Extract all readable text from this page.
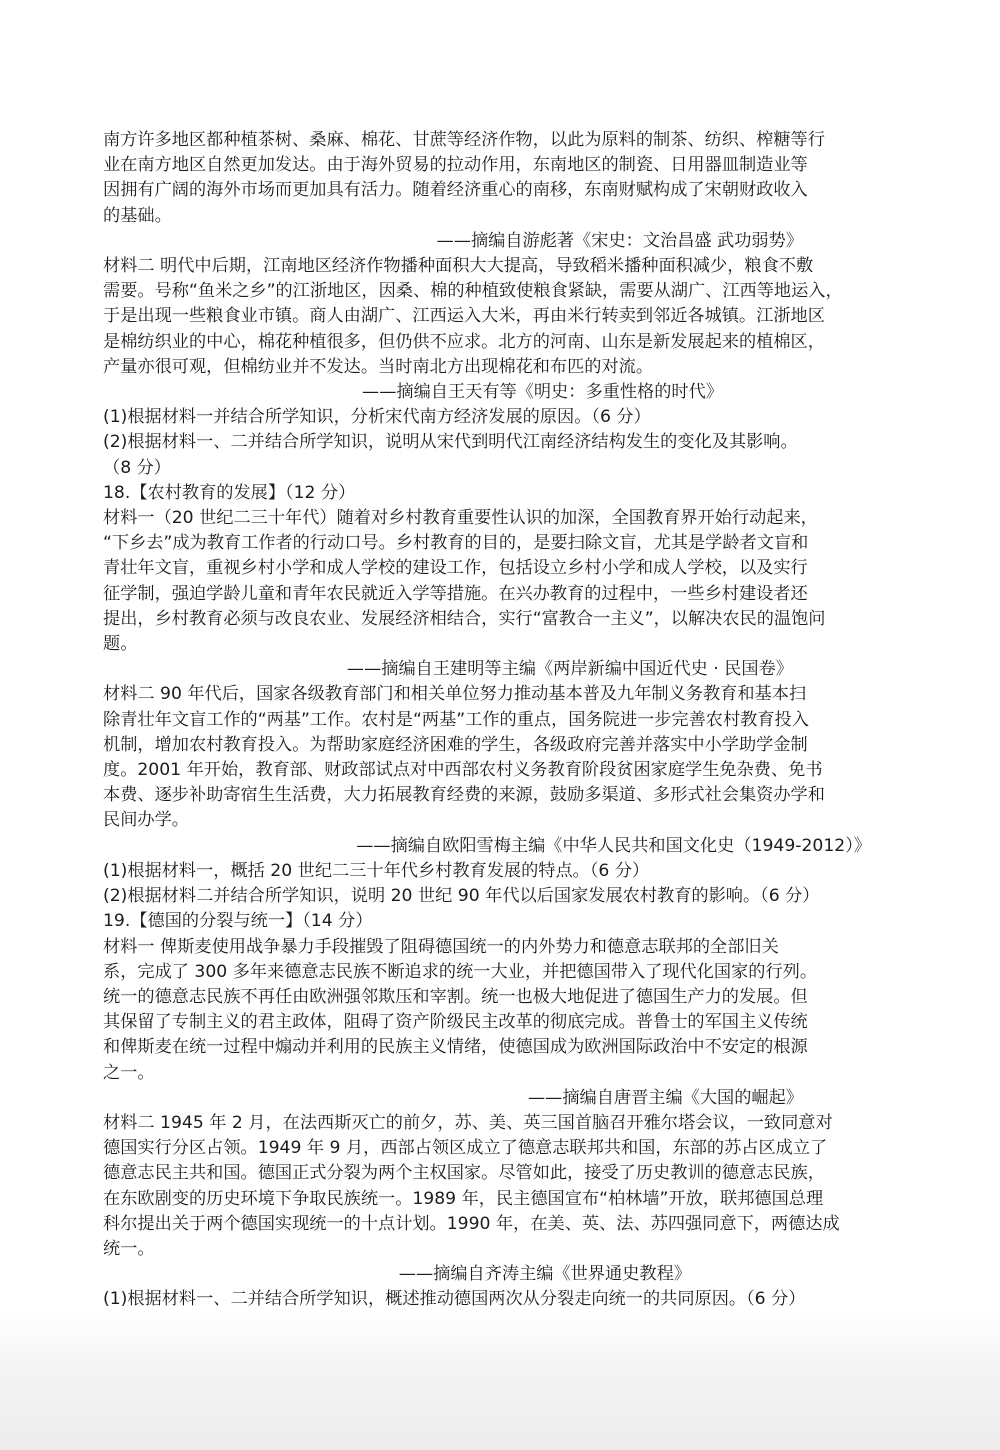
南方许多地区都种植茶树、桑麻、棉花、甘蔗等经济作物，以此为原料的制茶、纺织、榨糖等行

业在南方地区自然更加发达。由于海外贸易的拉动作用，东南地区的制瓷、日用器皿制造业等

因拥有广阔的海外市场而更加具有活力。随着经济重心的南移，东南财赋构成了宋朝财政收入

的基础。

——摘编自游彪著《宋史：文治昌盛 武功弱势》

材料二 明代中后期，江南地区经济作物播种面积大大提高，导致稻米播种面积减少，粮食不敷

需要。号称“鱼米之乡”的江浙地区，因桑、棉的种植致使粮食紧缺，需要从湖广、江西等地运入，

于是出现一些粮食业市镇。商人由湖广、江西运入大米，再由米行转卖到邻近各城镇。江浙地区

是棉纺织业的中心，棉花种植很多，但仍供不应求。北方的河南、山东是新发展起来的植棉区，

产量亦很可观，但棉纺业并不发达。当时南北方出现棉花和布匹的对流。

——摘编自王天有等《明史：多重性格的时代》

(1)根据材料一并结合所学知识，分析宋代南方经济发展的原因。（6 分）

(2)根据材料一、二并结合所学知识，说明从宋代到明代江南经济结构发生的变化及其影响。

（8 分）

18.【农村教育的发展】（12 分）

材料一（20 世纪二三十年代）随着对乡村教育重要性认识的加深，全国教育界开始行动起来，

“下乡去”成为教育工作者的行动口号。乡村教育的目的，是要扫除文盲，尤其是学龄者文盲和

青壮年文盲，重视乡村小学和成人学校的建设工作，包括设立乡村小学和成人学校，以及实行

征学制，强迫学龄儿童和青年农民就近入学等措施。在兴办教育的过程中，一些乡村建设者还

提出，乡村教育必须与改良农业、发展经济相结合，实行“富教合一主义”，以解决农民的温饱问

题。

——摘编自王建明等主编《两岸新编中国近代史 · 民国卷》

材料二 90 年代后，国家各级教育部门和相关单位努力推动基本普及九年制义务教育和基本扫

除青壮年文盲工作的“两基”工作。农村是“两基”工作的重点，国务院进一步完善农村教育投入

机制，增加农村教育投入。为帮助家庭经济困难的学生，各级政府完善并落实中小学助学金制

度。2001 年开始，教育部、财政部试点对中西部农村义务教育阶段贫困家庭学生免杂费、免书

本费、逐步补助寄宿生生活费，大力拓展教育经费的来源，鼓励多渠道、多形式社会集资办学和

民间办学。

——摘编自欧阳雪梅主编《中华人民共和国文化史（1949-2012）》

(1)根据材料一，概括 20 世纪二三十年代乡村教育发展的特点。（6 分）

(2)根据材料二并结合所学知识，说明 20 世纪 90 年代以后国家发展农村教育的影响。（6 分）

19.【德国的分裂与统一】（14 分）

材料一 俾斯麦使用战争暴力手段摧毁了阻碍德国统一的内外势力和德意志联邦的全部旧关

系，完成了 300 多年来德意志民族不断追求的统一大业，并把德国带入了现代化国家的行列。

统一的德意志民族不再任由欧洲强邻欺压和宰割。统一也极大地促进了德国生产力的发展。但

其保留了专制主义的君主政体，阻碍了资产阶级民主改革的彻底完成。普鲁士的军国主义传统

和俾斯麦在统一过程中煽动并利用的民族主义情绪，使德国成为欧洲国际政治中不安定的根源

之一。

——摘编自唐晋主编《大国的崛起》

材料二 1945 年 2 月，在法西斯灭亡的前夕，苏、美、英三国首脑召开雅尔塔会议，一致同意对

德国实行分区占领。1949 年 9 月，西部占领区成立了德意志联邦共和国，东部的苏占区成立了

德意志民主共和国。德国正式分裂为两个主权国家。尽管如此，接受了历史教训的德意志民族，

在东欧剧变的历史环境下争取民族统一。1989 年，民主德国宣布“柏林墙”开放，联邦德国总理

科尔提出关于两个德国实现统一的十点计划。1990 年，在美、英、法、苏四强同意下，两德达成

统一。

——摘编自齐涛主编《世界通史教程》

(1)根据材料一、二并结合所学知识，概述推动德国两次从分裂走向统一的共同原因。（6 分）
